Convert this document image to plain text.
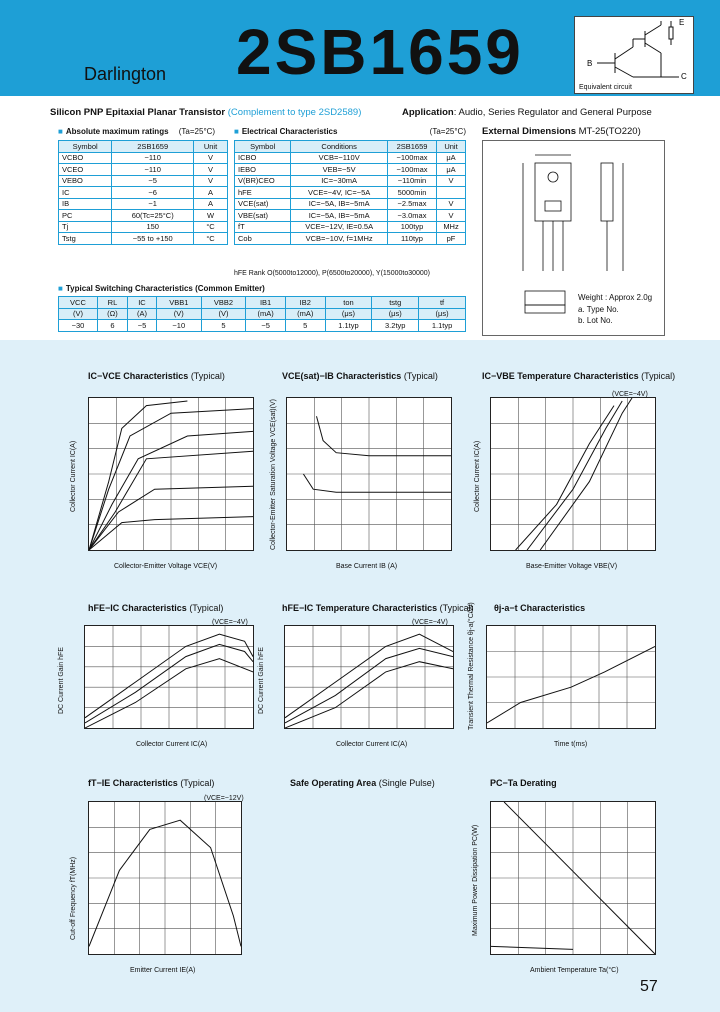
Darlington 2SB1659	B
E
C
Equivalent circuit
Silicon PNP Epitaxial Planar Transistor (Complement to type 2SD2589)	Application: Audio, Series Regulator and General Purpose
■ Absolute maximum ratings (Ta=25°C)
Symbol	2SB1659	Unit
VCBO	−110	V
VCEO	−110	V
VEBO	−5	V
IC	−6	A
IB	−1	A
PC	60(Tc=25°C)	W
Tj	150	°C
Tstg	−55 to +150	°C
■ Electrical Characteristics	(Ta=25°C)
Symbol	Conditions	2SB1659	Unit
ICBO	VCB=−110V	−100max	μA
IEBO	VEB=−5V	−100max	μA
V(BR)CEO	IC=−30mA	−110min	V
hFE	VCE=−4V, IC=−5A	5000min	
VCE(sat)	IC=−5A, IB=−5mA	−2.5max	V
VBE(sat)	IC=−5A, IB=−5mA	−3.0max	V
fT	VCE=−12V, IE=0.5A	100typ	MHz
Cob	VCB=−10V, f=1MHz	110typ	pF
hFE Rank O(5000to12000), P(6500to20000), Y(15000to30000)
■ Typical Switching Characteristics (Common Emitter)
VCC	RL	IC	VBB1	VBB2	IB1	IB2	ton	tstg	tf
(V)	(Ω)	(A)	(V)	(V)	(mA)	(mA)	(μs)	(μs)	(μs)
−30	6	−5	−10	5	−5	5	1.1typ	3.2typ	1.1typ
External Dimensions MT-25(TO220)
Weight : Approx 2.0g
a. Type No.
b. Lot No.
IC−VCE Characteristics (Typical)
Collector-Emitter Voltage VCE(V)
Collector Current IC(A)
VCE(sat)−IB Characteristics (Typical)
Base Current IB (A)
Collector-Emitter Saturation Voltage VCE(sat)(V)
IC−VBE Temperature Characteristics (Typical)
(VCE=−4V)
Base-Emitter Voltage VBE(V)
Collector Current IC(A)
hFE−IC Characteristics (Typical)
(VCE=−4V)
Collector Current IC(A)
DC Current Gain hFE
hFE−IC Temperature Characteristics (Typical)
(VCE=−4V)
Collector Current IC(A)
DC Current Gain hFE
θj-a−t Characteristics
Time t(ms)
Transient Thermal Resistance θj-a(°C/W)
fT−IE Characteristics (Typical)
(VCE=−12V)
Emitter Current IE(A)
Cut-off Frequency fT(MHz)
Safe Operating Area (Single Pulse)	PC−Ta Derating
Ambient Temperature Ta(°C)
Maximum Power Dissipation PC(W)
57
